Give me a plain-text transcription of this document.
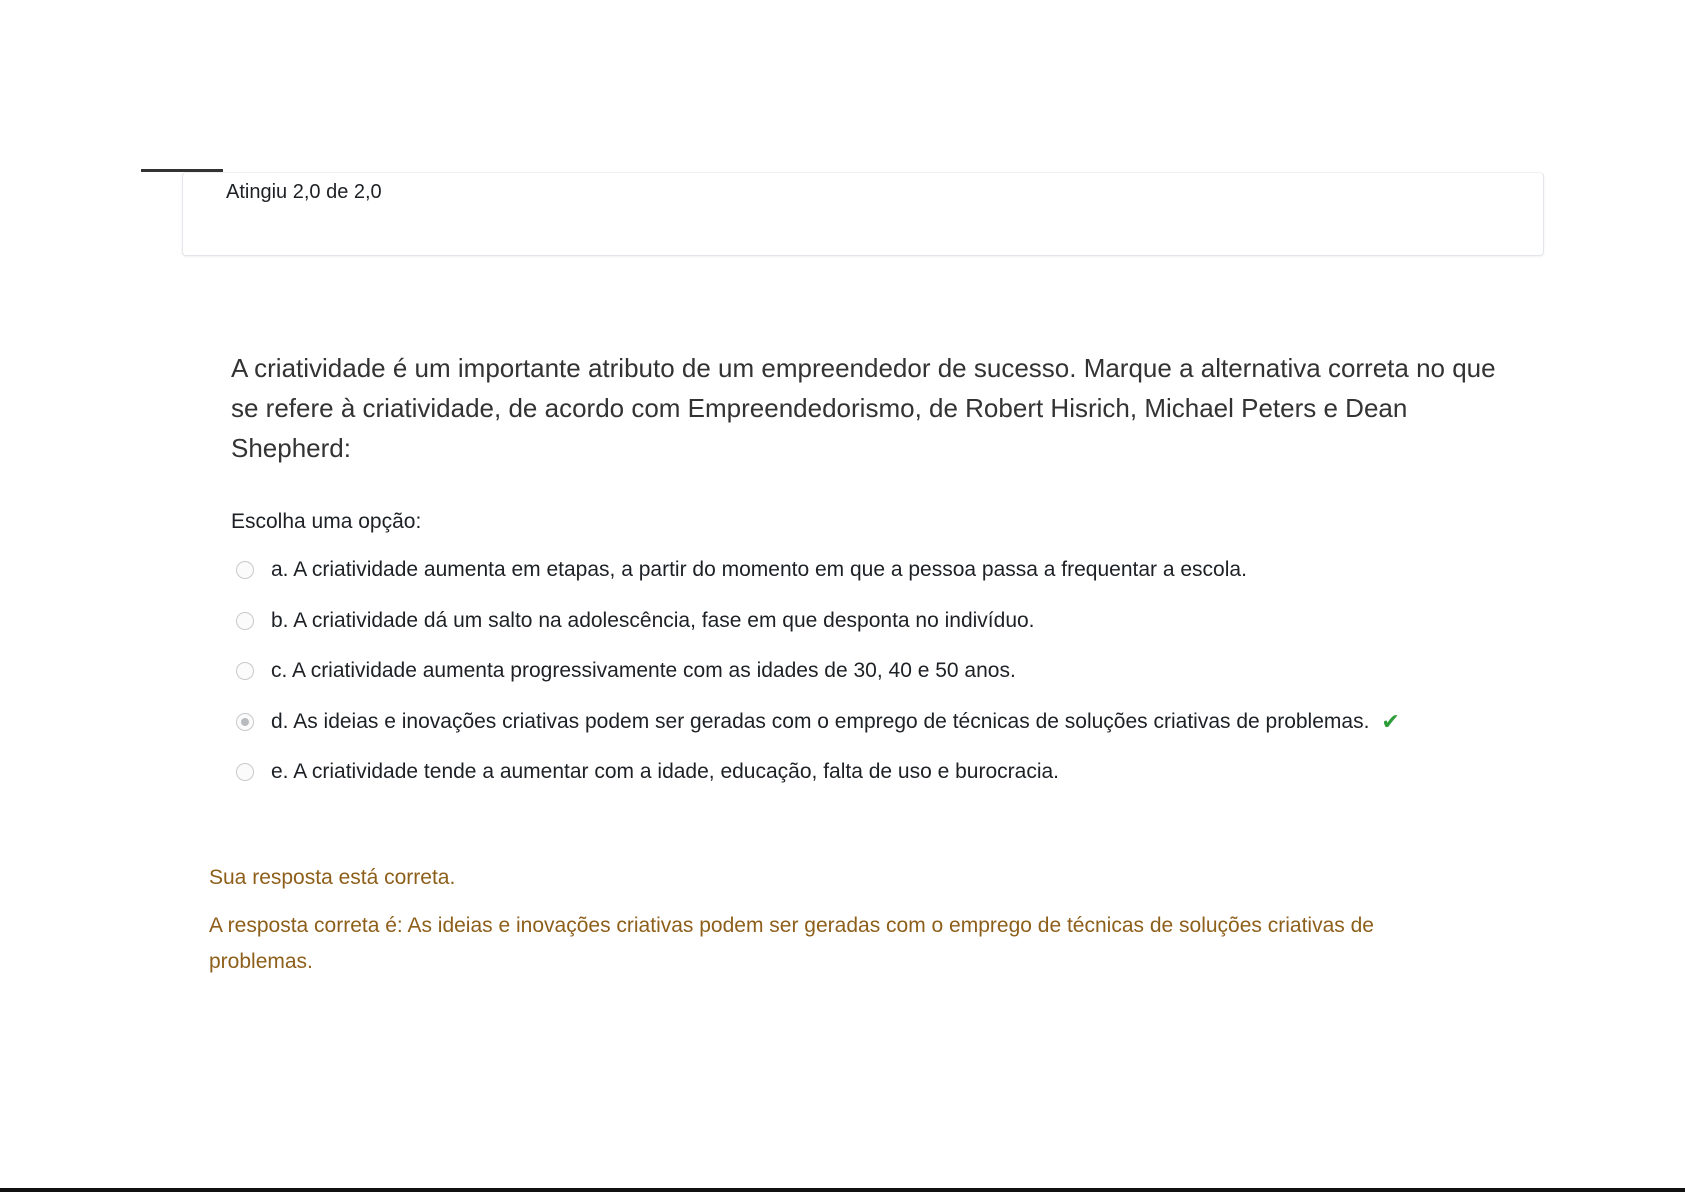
Atingiu 2,0 de 2,0

A criatividade é um importante atributo de um empreendedor de sucesso. Marque a alternativa correta no que se refere à criatividade, de acordo com Empreendedorismo, de Robert Hisrich, Michael Peters e Dean Shepherd:

Escolha uma opção:
a. A criatividade aumenta em etapas, a partir do momento em que a pessoa passa a frequentar a escola.
b. A criatividade dá um salto na adolescência, fase em que desponta no indivíduo.
c. A criatividade aumenta progressivamente com as idades de 30, 40 e 50 anos.
d. As ideias e inovações criativas podem ser geradas com o emprego de técnicas de soluções criativas de problemas. ✔
e. A criatividade tende a aumentar com a idade, educação, falta de uso e burocracia.

Sua resposta está correta.

A resposta correta é: As ideias e inovações criativas podem ser geradas com o emprego de técnicas de soluções criativas de problemas.
